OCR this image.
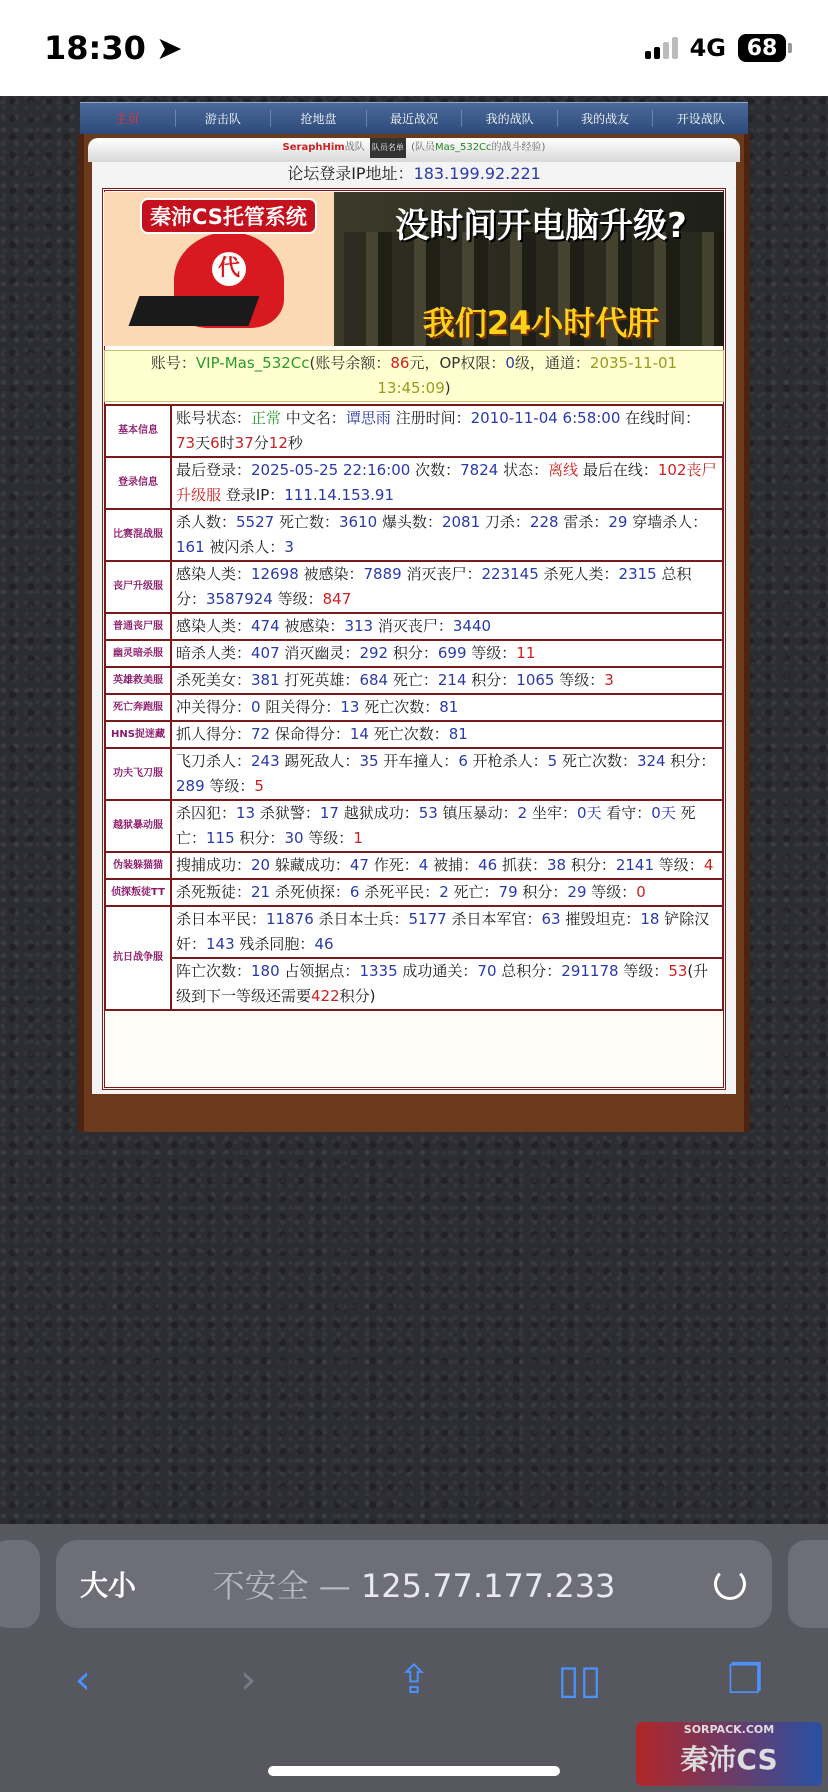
18:30 ➤	4G 68
主页	游击队	抢地盘	最近战况	我的战队	我的战友	开设战队
SeraphHim战队 队员名单 (队员Mas_532Cc的战斗经验)
论坛登录IP地址：183.199.92.221
代
秦沛CS托管系统	没时间开电脑升级?
我们24小时代肝
账号：VIP-Mas_532Cc(账号余额：86元，OP权限：0级，通道：2035-11-01 13:45:09)
基本信息	账号状态：正常 中文名：谭思雨 注册时间：2010-11-04 6:58:00 在线时间：73天6时37分12秒
登录信息	最后登录：2025-05-25 22:16:00 次数：7824 状态：离线 最后在线：102丧尸升级服 登录IP：111.14.153.91
比赛混战服	杀人数：5527 死亡数：3610 爆头数：2081 刀杀：228 雷杀：29 穿墙杀人：161 被闪杀人：3
丧尸升级服	感染人类：12698 被感染：7889 消灭丧尸：223145 杀死人类：2315 总积分：3587924 等级：847
普通丧尸服	感染人类：474 被感染：313 消灭丧尸：3440
幽灵暗杀服	暗杀人类：407 消灭幽灵：292 积分：699 等级：11
英雄救美服	杀死美女：381 打死英雄：684 死亡：214 积分：1065 等级：3
死亡奔跑服	冲关得分：0 阻关得分：13 死亡次数：81
HNS捉迷藏	抓人得分：72 保命得分：14 死亡次数：81
功夫飞刀服	飞刀杀人：243 踢死敌人：35 开车撞人：6 开枪杀人：5 死亡次数：324 积分：289 等级：5
越狱暴动服	杀囚犯：13 杀狱警：17 越狱成功：53 镇压暴动：2 坐牢：0天 看守：0天 死亡：115 积分：30 等级：1
伪装躲猫猫	搜捕成功：20 躲藏成功：47 作死：4 被捕：46 抓获：38 积分：2141 等级：4
侦探叛徒TT	杀死叛徒：21 杀死侦探：6 杀死平民：2 死亡：79 积分：29 等级：0
抗日战争服	杀日本平民：11876 杀日本士兵：5177 杀日本军官：63 摧毁坦克：18 铲除汉奸：143 残杀同胞：46
	阵亡次数：180 占领据点：1335 成功通关：70 总积分：291178 等级：53(升级到下一等级还需要422积分)
大小	不安全 — 125.77.177.233
‹	›	⇪	▯▯	❐
SORPACK.COM
秦沛CS
